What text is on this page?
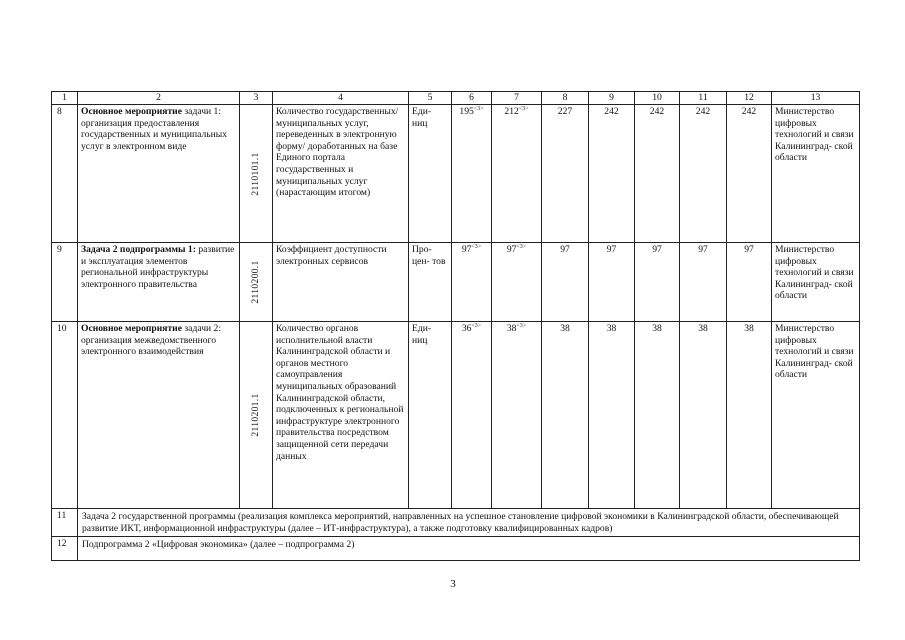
1	2	3	4	5	6	7	8	9	10	11	12	13
8	Основное мероприятие задачи 1: организация предоставления государственных и муниципальных услуг в электронном виде	2110101.1	Количество государственных/ муниципальных услуг, переведенных в электронную форму/ доработанных на базе Единого портала государственных и муниципальных услуг (нарастающим итогом)	Еди- ниц	$195^{<3>}$	$212^{<3>}$	227	242	242	242	242	Министерство цифровых технологий и связи Калининград- ской области
9	Задача 2 подпрограммы 1: развитие и эксплуатация элементов региональной инфраструктуры электронного правительства	2110200.1	Коэффициент доступности электронных сервисов	Про- цен- тов	$97^{<3>}$	$97^{<3>}$	97	97	97	97	97	Министерство цифровых технологий и связи Калининград- ской области
10	Основное мероприятие задачи 2: организация межведомственного электронного взаимодействия	2110201.1	Количество органов исполнительной власти Калининградской области и органов местного самоуправления муниципальных образований Калининградской области, подключенных к региональной инфраструктуре электронного правительства посредством защищенной сети передачи данных	Еди- ниц	$36^{<3>}$	$38^{<3>}$	38	38	38	38	38	Министерство цифровых технологий и связи Калининград- ской области
11	Задача 2 государственной программы (реализация комплекса мероприятий, направленных на успешное становление цифровой экономики в Калининградской области, обеспечивающей развитие ИКТ, информационной инфраструктуры (далее – ИТ-инфраструктура), а также подготовку квалифицированных кадров)											
12	Подпрограмма 2 «Цифровая экономика» (далее – подпрограмма 2)											
3
